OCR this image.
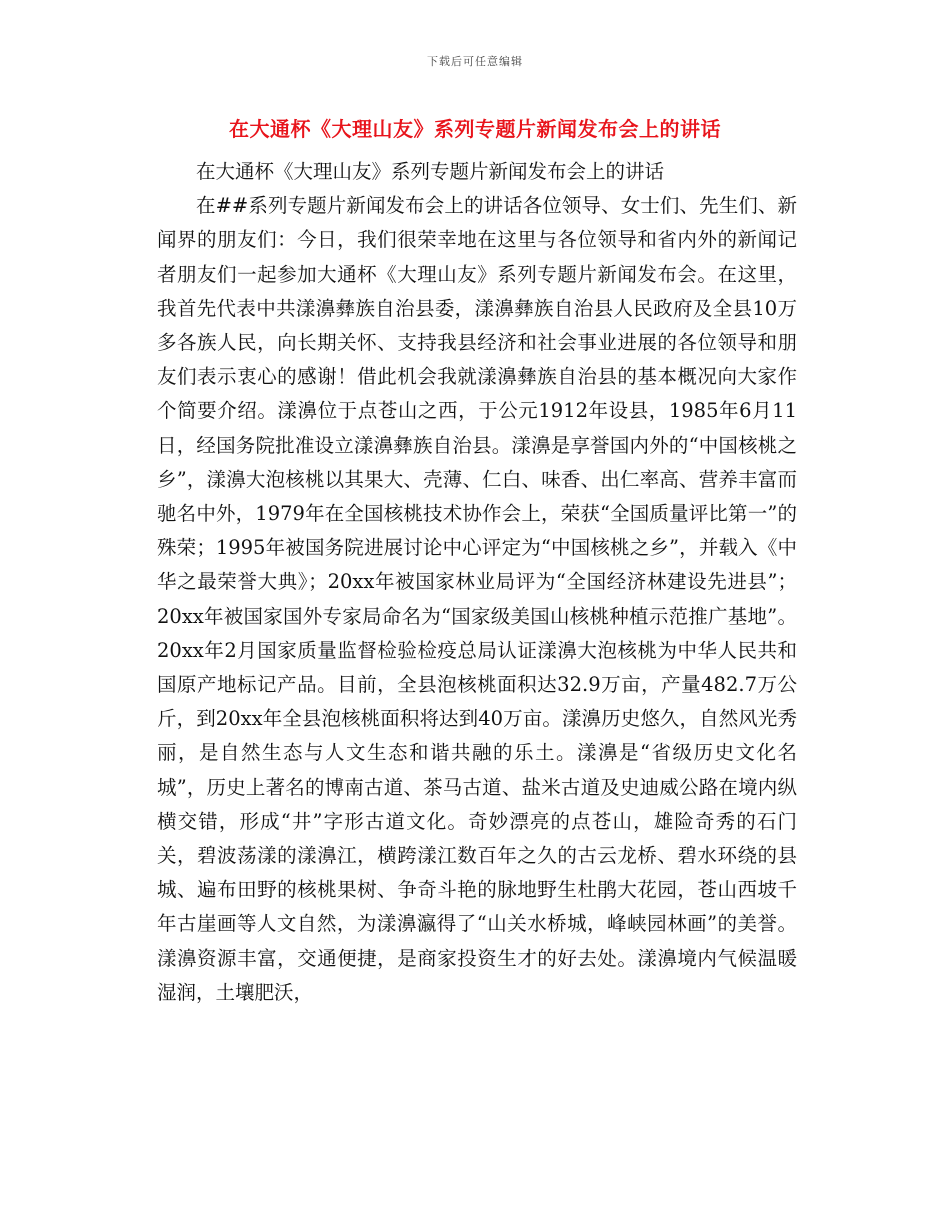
下载后可任意编辑
在大通杯《大理山友》系列专题片新闻发布会上的讲话

在大通杯《大理山友》系列专题片新闻发布会上的讲话

在##系列专题片新闻发布会上的讲话各位领导、女士们、先生们、新闻界的朋友们：今日，我们很荣幸地在这里与各位领导和省内外的新闻记者朋友们一起参加大通杯《大理山友》系列专题片新闻发布会。在这里，我首先代表中共漾濞彝族自治县委，漾濞彝族自治县人民政府及全县10万多各族人民，向长期关怀、支持我县经济和社会事业进展的各位领导和朋友们表示衷心的感谢！借此机会我就漾濞彝族自治县的基本概况向大家作个简要介绍。漾濞位于点苍山之西，于公元1912年设县，1985年6月11日，经国务院批准设立漾濞彝族自治县。漾濞是享誉国内外的“中国核桃之乡”，漾濞大泡核桃以其果大、壳薄、仁白、味香、出仁率高、营养丰富而驰名中外，1979年在全国核桃技术协作会上，荣获“全国质量评比第一”的殊荣；1995年被国务院进展讨论中心评定为“中国核桃之乡”，并载入《中华之最荣誉大典》；20xx年被国家林业局评为“全国经济林建设先进县”；20xx年被国家国外专家局命名为“国家级美国山核桃种植示范推广基地”。20xx年2月国家质量监督检验检疫总局认证漾濞大泡核桃为中华人民共和国原产地标记产品。目前，全县泡核桃面积达32.9万亩，产量482.7万公斤，到20xx年全县泡核桃面积将达到40万亩。漾濞历史悠久，自然风光秀丽，是自然生态与人文生态和谐共融的乐土。漾濞是“省级历史文化名城”，历史上著名的博南古道、茶马古道、盐米古道及史迪威公路在境内纵横交错，形成“井”字形古道文化。奇妙漂亮的点苍山，雄险奇秀的石门关，碧波荡漾的漾濞江，横跨漾江数百年之久的古云龙桥、碧水环绕的县城、遍布田野的核桃果树、争奇斗艳的脉地野生杜鹃大花园，苍山西坡千年古崖画等人文自然，为漾濞瀛得了“山关水桥城，峰峡园林画”的美誉。漾濞资源丰富，交通便捷，是商家投资生才的好去处。漾濞境内气候温暖湿润，土壤肥沃，
